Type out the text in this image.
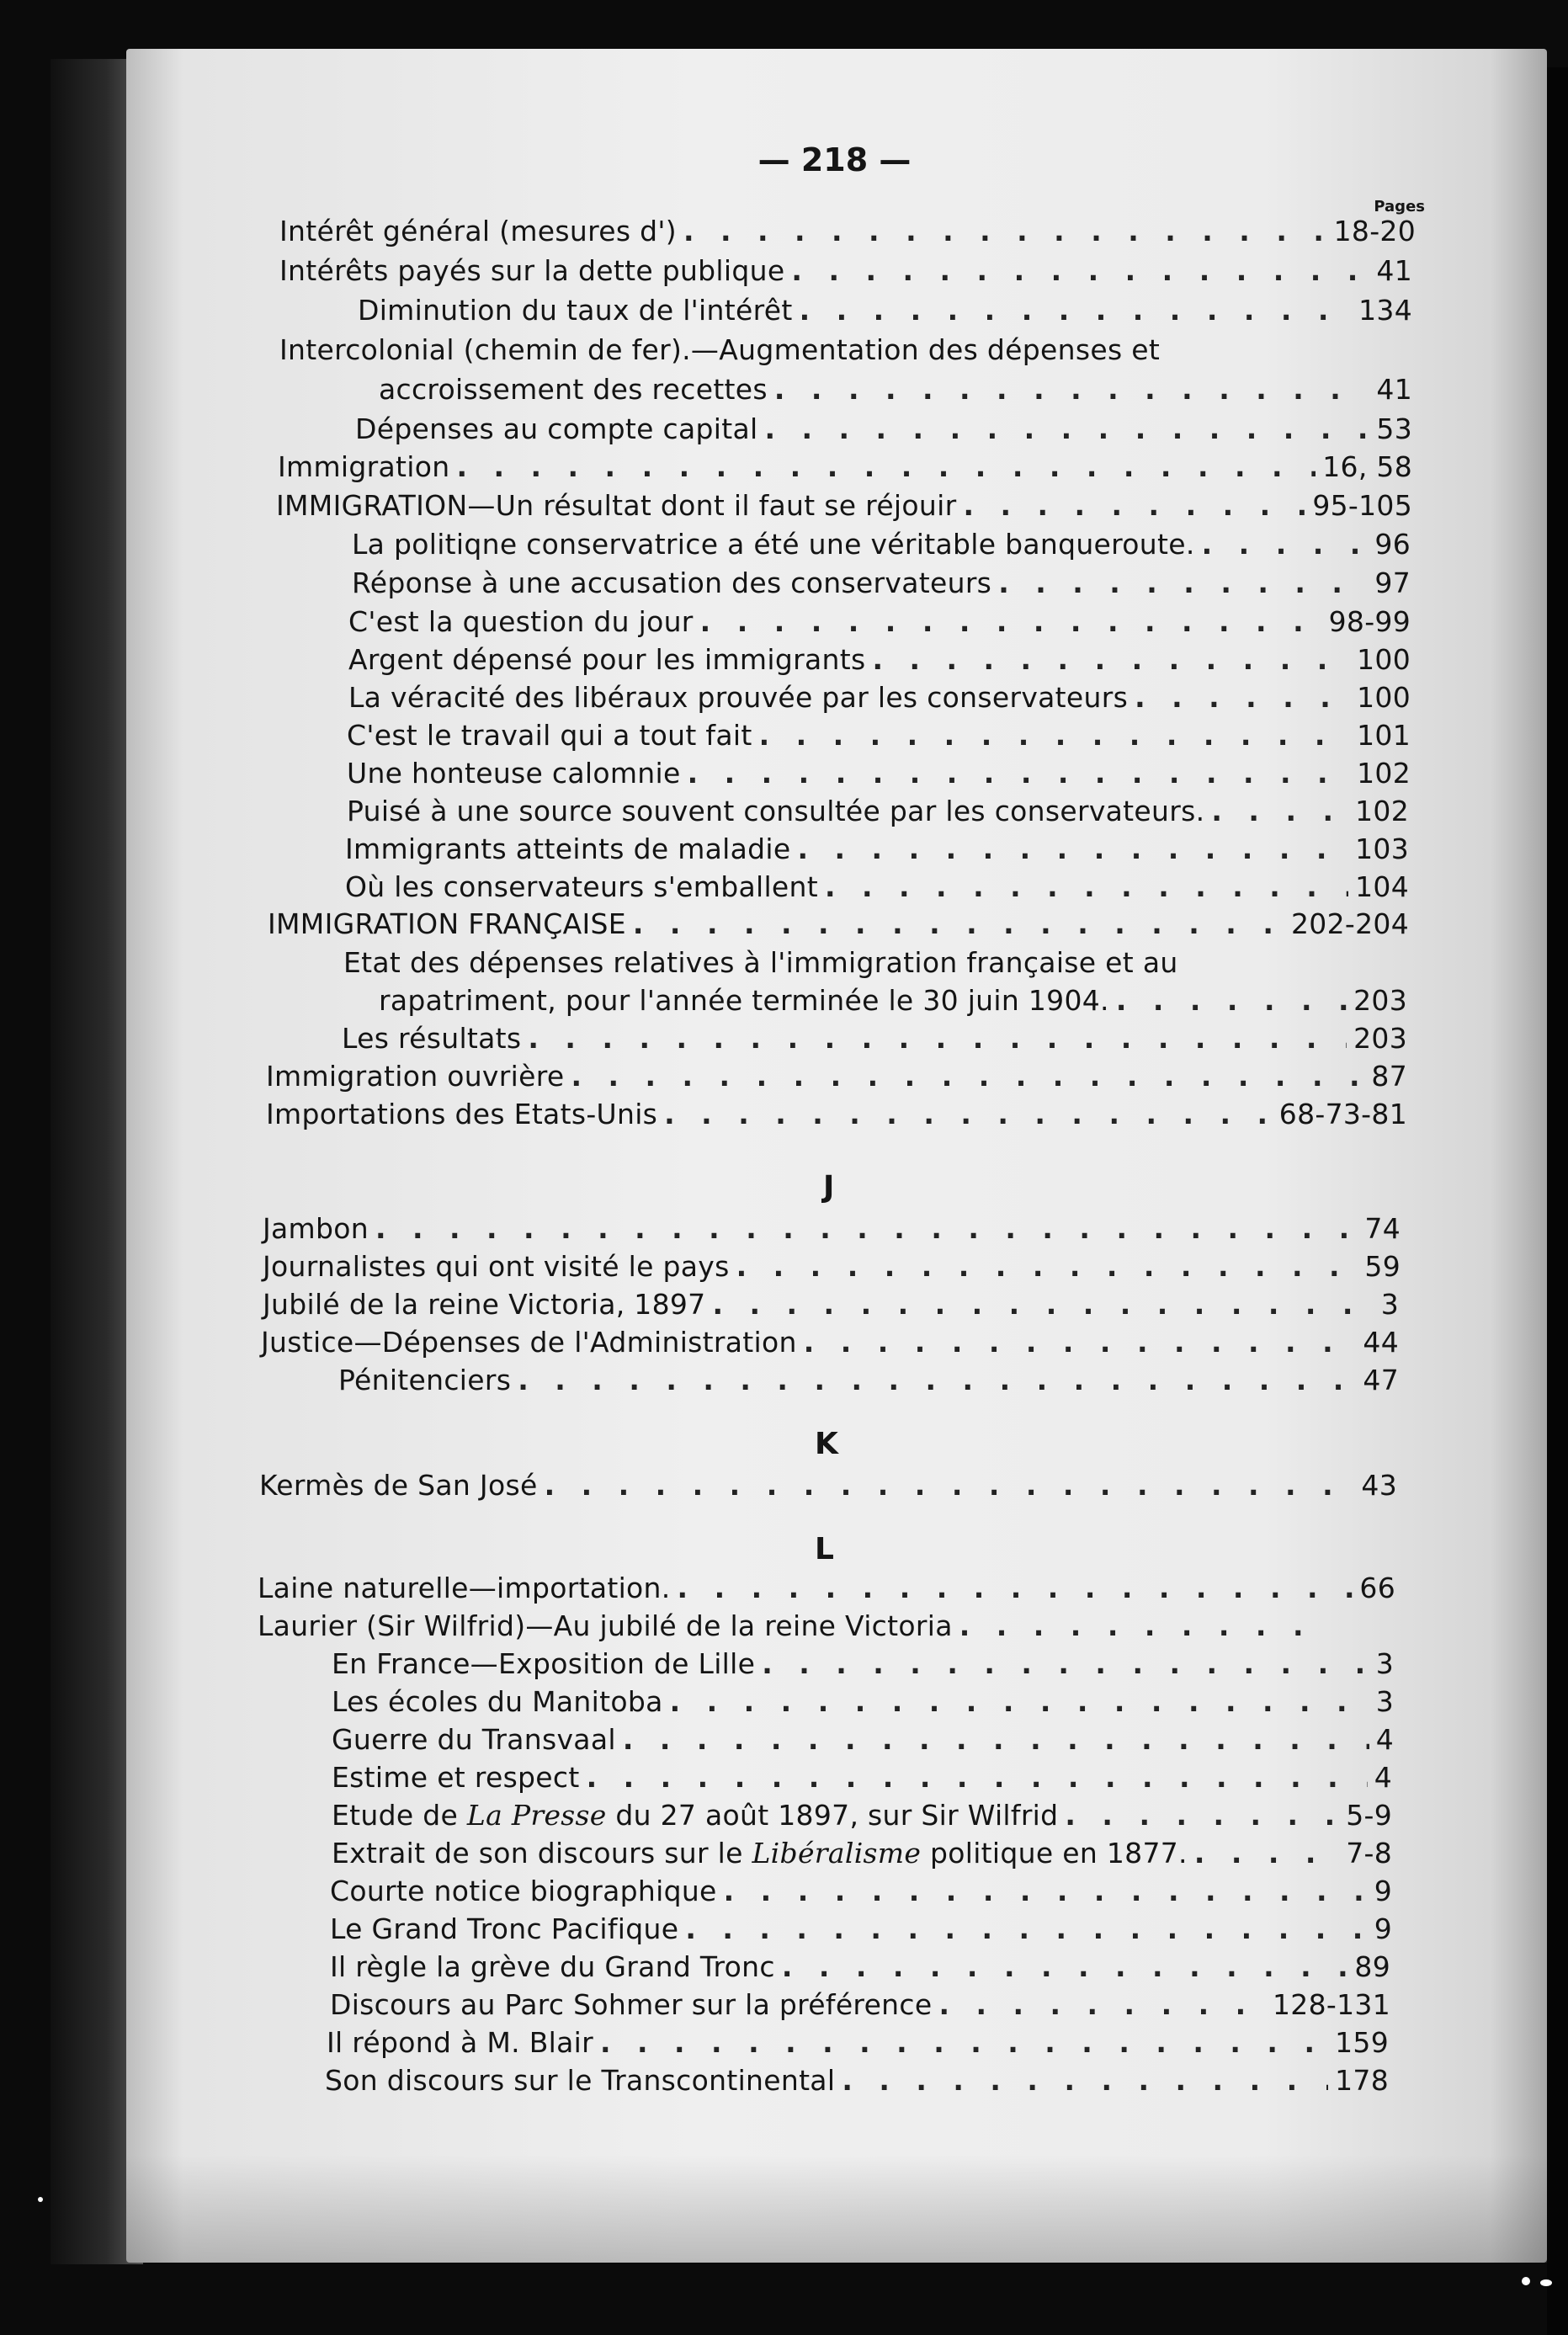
— 218 —
Pages
Intérêt général (mesures d') . . .	18-20
Intérêts payés sur la dette publique . . .	41
Diminution du taux de l'intérêt . . .	134
Intercolonial (chemin de fer).—Augmentation des dépenses et
accroissement des recettes . . .	41
Dépenses au compte capital . . .	53
Immigration . . .	16, 58
IMMIGRATION—Un résultat dont il faut se réjouir . . .	95-105
La politiqne conservatrice a été une véritable banqueroute. . . .	96
Réponse à une accusation des conservateurs . . .	97
C'est la question du jour . . .	98-99
Argent dépensé pour les immigrants . . .	100
La véracité des libéraux prouvée par les conservateurs . . .	100
C'est le travail qui a tout fait . . .	101
Une honteuse calomnie . . .	102
Puisé à une source souvent consultée par les conservateurs. . . .	102
Immigrants atteints de maladie . . .	103
Où les conservateurs s'emballent . . .	104
IMMIGRATION FRANÇAISE . . .	202-204
Etat des dépenses relatives à l'immigration française et au
rapatriment, pour l'année terminée le 30 juin 1904. . . .	203
Les résultats . . .	203
Immigration ouvrière . . .	87
Importations des Etats-Unis . . .	68-73-81
J
Jambon . . .	74
Journalistes qui ont visité le pays . . .	59
Jubilé de la reine Victoria, 1897 . . .	3
Justice—Dépenses de l'Administration . . .	44
Pénitenciers . . .	47
K
Kermès de San José . . .	43
L
Laine naturelle—importation. . . .	66
Laurier (Sir Wilfrid)—Au jubilé de la reine Victoria
. . .
En France—Exposition de Lille . . .	3
Les écoles du Manitoba . . .	3
Guerre du Transvaal . . .	4
Estime et respect . . .	4
Etude de La Presse du 27 août 1897, sur Sir Wilfrid . . .	5-9
Extrait de son discours sur le Libéralisme politique en 1877. . . .	7-8
Courte notice biographique . . .	9
Le Grand Tronc Pacifique . . .	9
Il règle la grève du Grand Tronc . . .	89
Discours au Parc Sohmer sur la préférence . . .	128-131
Il répond à M. Blair . . .	159
Son discours sur le Transcontinental . . .	178
